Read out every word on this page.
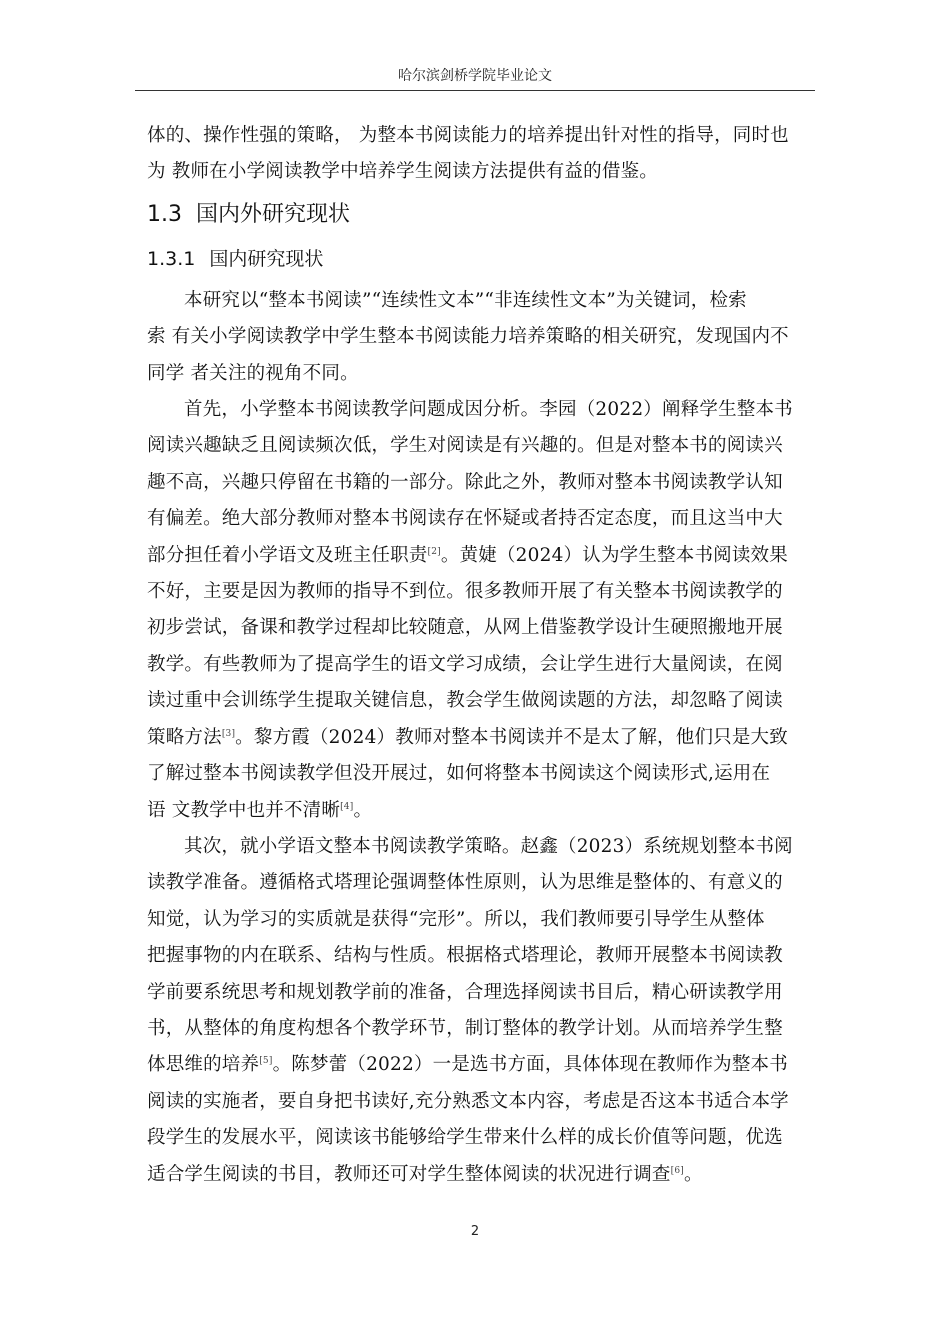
哈尔滨剑桥学院毕业论文

体的、操作性强的策略， 为整本书阅读能力的培养提出针对性的指导，同时也
为 教师在小学阅读教学中培养学生阅读方法提供有益的借鉴。

1.3 国内外研究现状
1.3.1 国内研究现状

本研究以“整本书阅读”“连续性文本”“非连续性文本”为关键词，检索
索 有关小学阅读教学中学生整本书阅读能力培养策略的相关研究，发现国内不
同学 者关注的视角不同。

首先，小学整本书阅读教学问题成因分析。李园（2022）阐释学生整本书
阅读兴趣缺乏且阅读频次低，学生对阅读是有兴趣的。但是对整本书的阅读兴
趣不高，兴趣只停留在书籍的一部分。除此之外，教师对整本书阅读教学认知
有偏差。绝大部分教师对整本书阅读存在怀疑或者持否定态度，而且这当中大
部分担任着小学语文及班主任职责[2]。黄婕（2024）认为学生整本书阅读效果
不好，主要是因为教师的指导不到位。很多教师开展了有关整本书阅读教学的
初步尝试，备课和教学过程却比较随意，从网上借鉴教学设计生硬照搬地开展
教学。有些教师为了提高学生的语文学习成绩，会让学生进行大量阅读，在阅
读过重中会训练学生提取关键信息，教会学生做阅读题的方法，却忽略了阅读
策略方法[3]。黎方霞（2024）教师对整本书阅读并不是太了解，他们只是大致
了解过整本书阅读教学但没开展过，如何将整本书阅读这个阅读形式,运用在
语 文教学中也并不清晰[4]。

其次，就小学语文整本书阅读教学策略。赵鑫（2023）系统规划整本书阅
读教学准备。遵循格式塔理论强调整体性原则，认为思维是整体的、有意义的
知觉，认为学习的实质就是获得“完形”。所以，我们教师要引导学生从整体
把握事物的内在联系、结构与性质。根据格式塔理论，教师开展整本书阅读教
学前要系统思考和规划教学前的准备，合理选择阅读书目后，精心研读教学用
书，从整体的角度构想各个教学环节，制订整体的教学计划。从而培养学生整
体思维的培养[5]。陈梦蕾（2022）一是选书方面，具体体现在教师作为整本书
阅读的实施者，要自身把书读好,充分熟悉文本内容，考虑是否这本书适合本学
段学生的发展水平，阅读该书能够给学生带来什么样的成长价值等问题，优选
适合学生阅读的书目，教师还可对学生整体阅读的状况进行调查[6]。

2
